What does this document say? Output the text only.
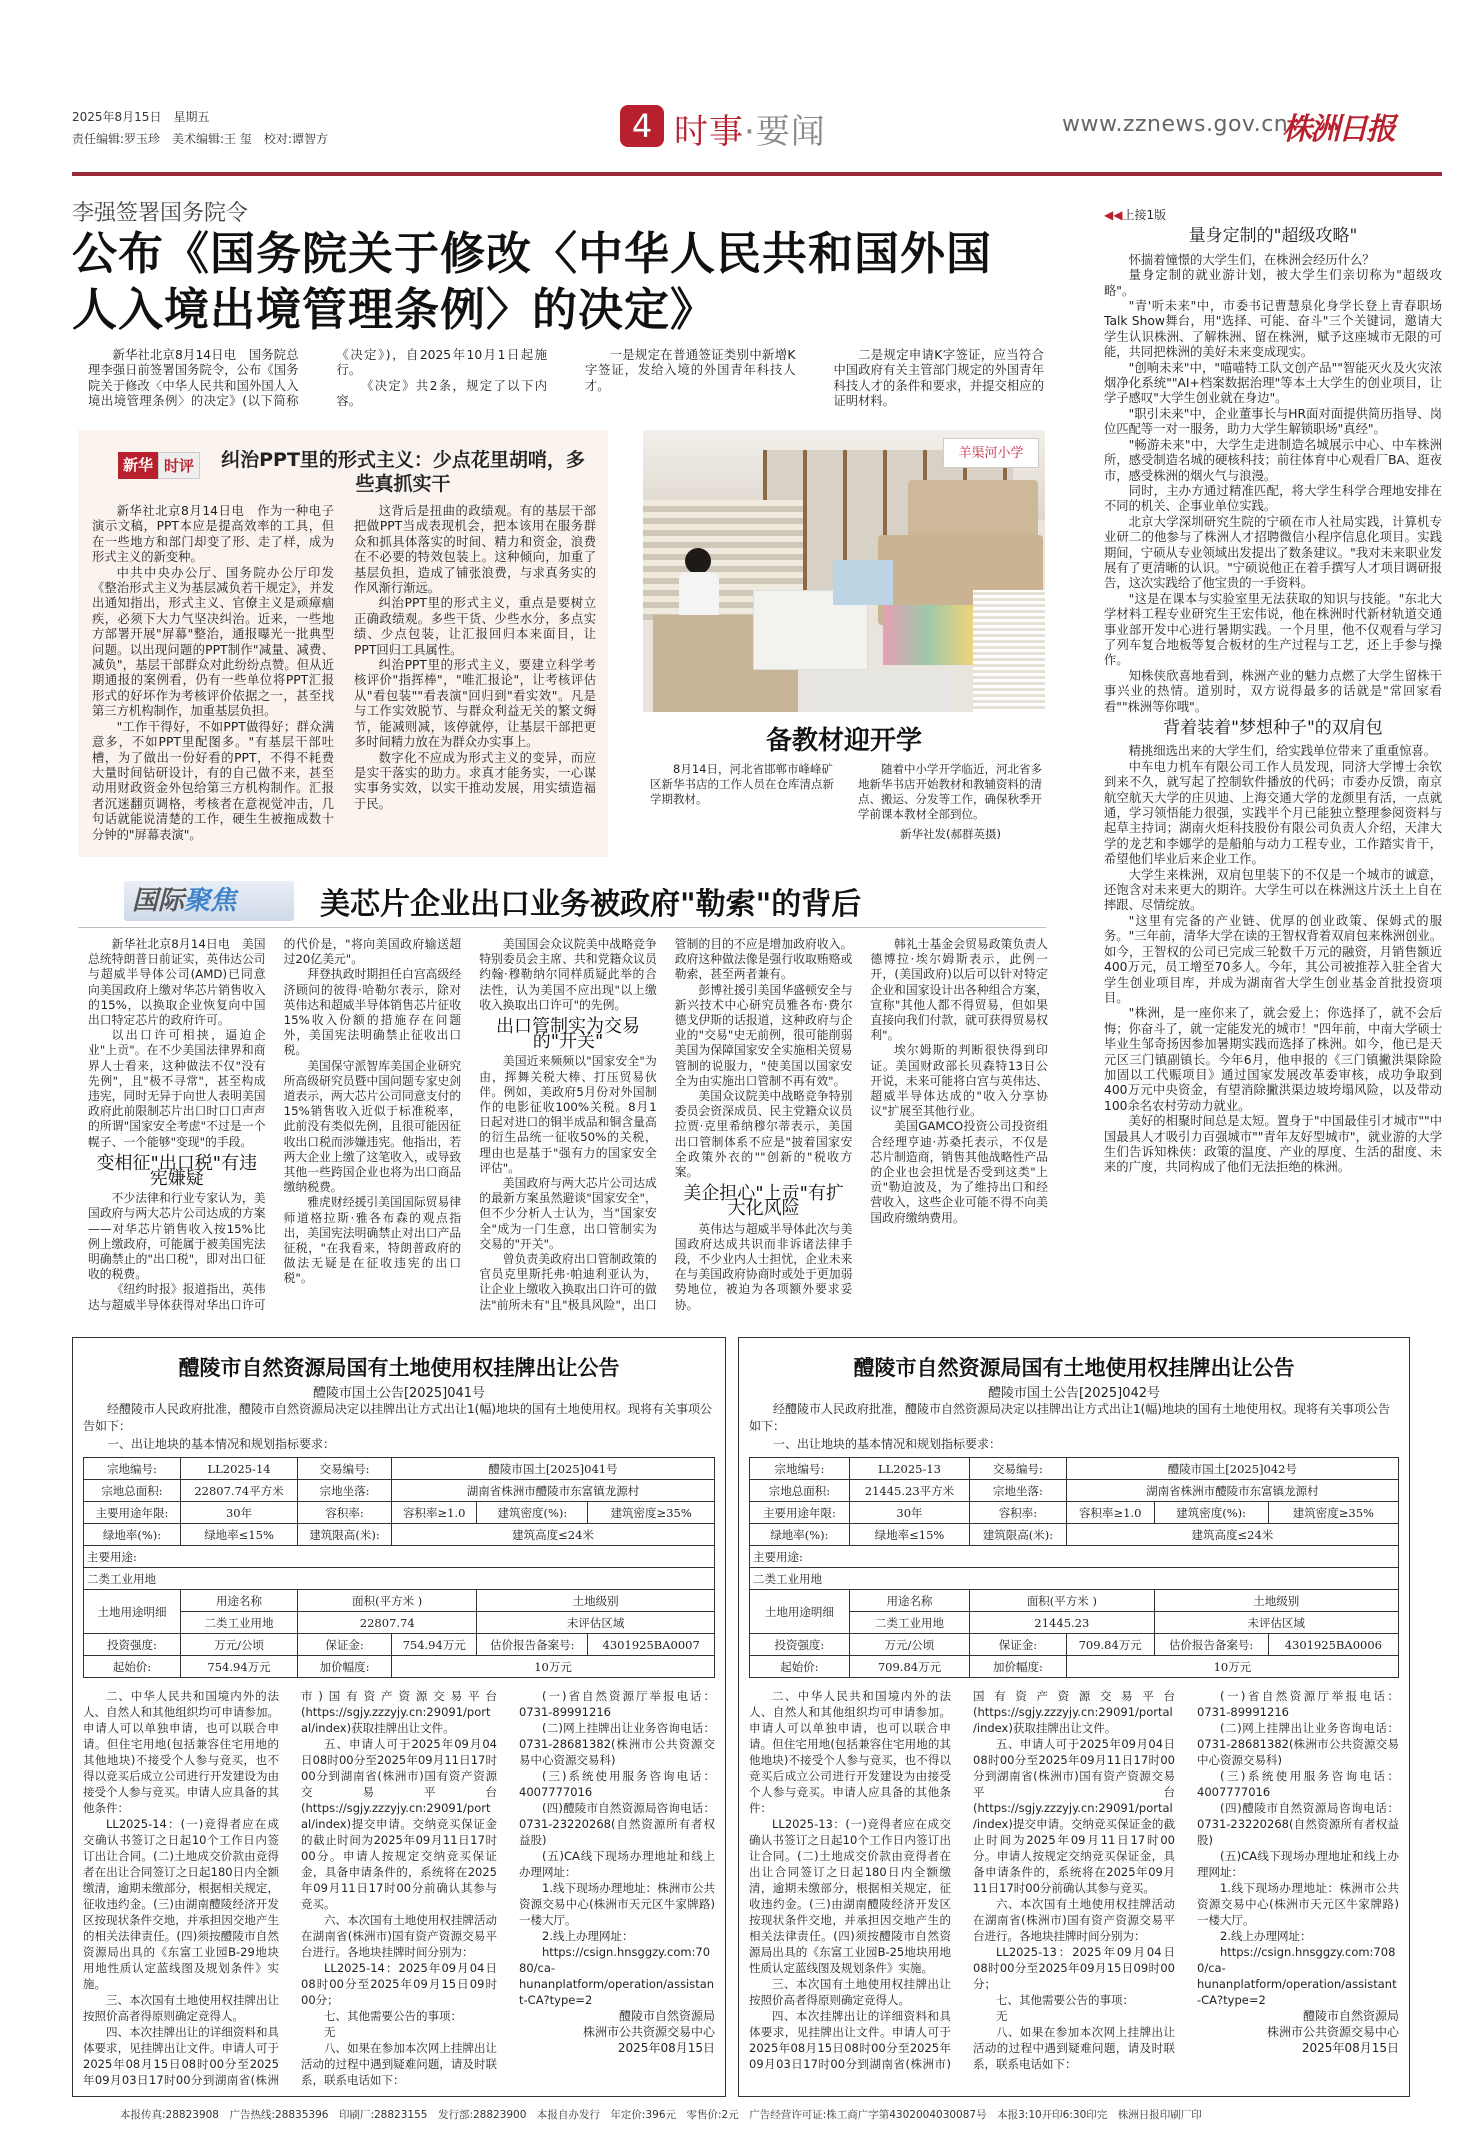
2025年8月15日　星期五
责任编辑:罗玉珍　美术编辑:王 玺　校对:谭智方	4 时事·要闻	www.zznews.gov.cn
株洲日报
李强签署国务院令
公布《国务院关于修改〈中华人民共和国外国人入境出境管理条例〉的决定》

新华社北京8月14日电　国务院总理李强日前签署国务院令，公布《国务院关于修改〈中华人民共和国外国人入境出境管理条例〉的决定》(以下简称《决定》)，自2025年10月1日起施行。

《决定》共2条，规定了以下内容。

一是规定在普通签证类别中新增K字签证，发给入境的外国青年科技人才。

二是规定申请K字签证，应当符合中国政府有关主管部门规定的外国青年科技人才的条件和要求，并提交相应的证明材料。

新华 时评	纠治PPT里的形式主义：少点花里胡哨，多些真抓实干

新华社北京8月14日电　作为一种电子演示文稿，PPT本应是提高效率的工具，但在一些地方和部门却变了形、走了样，成为形式主义的新变种。

中共中央办公厅、国务院办公厅印发《整治形式主义为基层减负若干规定》，并发出通知指出，形式主义、官僚主义是顽瘴痼疾，必须下大力气坚决纠治。近来，一些地方部署开展"屏幕"整治，通报曝光一批典型问题。以出现问题的PPT制作"减量、减费、减负"，基层干部群众对此纷纷点赞。但从近期通报的案例看，仍有一些单位将PPT汇报形式的好坏作为考核评价依据之一，甚至找第三方机构制作，加重基层负担。

"工作干得好，不如PPT做得好；群众满意多，不如PPT里配图多。"有基层干部吐槽，为了做出一份好看的PPT，不得不耗费大量时间钻研设计，有的自己做不来，甚至动用财政资金外包给第三方机构制作。汇报者沉迷翻页调格，考核者在意视觉冲击，几句话就能说清楚的工作，硬生生被拖成数十分钟的"屏幕表演"。

这背后是扭曲的政绩观。有的基层干部把做PPT当成表现机会，把本该用在服务群众和抓具体落实的时间、精力和资金，浪费在不必要的特效包装上。这种倾向，加重了基层负担，造成了铺张浪费，与求真务实的作风渐行渐远。

纠治PPT里的形式主义，重点是要树立正确政绩观。多些干货、少些水分，多点实绩、少点包装，让汇报回归本来面目，让PPT回归工具属性。

纠治PPT里的形式主义，要建立科学考核评价"指挥棒"，"唯汇报论"，让考核评估从"看包装""看表演"回归到"看实效"。凡是与工作实效脱节、与群众利益无关的繁文缛节，能减则减，该停就停，让基层干部把更多时间精力放在为群众办实事上。

数字化不应成为形式主义的变异，而应是实干落实的助力。求真才能务实，一心谋实事务实效，以实干推动发展，用实绩造福于民。

羊渠河小学
备教材迎开学

8月14日，河北省邯郸市峰峰矿区新华书店的工作人员在仓库清点新学期教材。

随着中小学开学临近，河北省多地新华书店开始教材和教辅资料的清点、搬运、分发等工作，确保秋季开学前课本教材全部到位。

新华社发(郝群英摄)
◀◀上接1版
量身定制的"超级攻略"

怀揣着憧憬的大学生们，在株洲会经历什么？

量身定制的就业游计划，被大学生们亲切称为"超级攻略"。

"青'听未来"中，市委书记曹慧泉化身学长登上青春职场Talk Show舞台，用"选择、可能、奋斗"三个关键词，邀请大学生认识株洲、了解株洲、留在株洲，赋予这座城市无限的可能，共同把株洲的美好未来变成现实。

"创响未来"中，"喵喵特工队文创产品""智能灭火及火灾浓烟净化系统""AI+档案数据治理"等本土大学生的创业项目，让学子感叹"大学生创业就在身边"。

"职引未来"中，企业董事长与HR面对面提供简历指导、岗位匹配等一对一服务，助力大学生解锁职场"真经"。

"畅游未来"中，大学生走进制造名城展示中心、中车株洲所，感受制造名城的硬核科技；前往体育中心观看厂BA、逛夜市，感受株洲的烟火气与浪漫。

同时，主办方通过精准匹配，将大学生科学合理地安排在不同的机关、企事业单位实践。

北京大学深圳研究生院的宁硕在市人社局实践，计算机专业研二的他参与了株洲人才招聘微信小程序信息化项目。实践期间，宁硕从专业领域出发提出了数条建议。"我对未来职业发展有了更清晰的认识。"宁硕说他正在着手撰写人才项目调研报告，这次实践给了他宝贵的一手资料。

"这是在课本与实验室里无法获取的知识与技能。"东北大学材料工程专业研究生王宏伟说，他在株洲时代新材轨道交通事业部开发中心进行暑期实践。一个月里，他不仅观看与学习了列车复合地板等复合板材的生产过程与工艺，还上手参与操作。

知株侠欣喜地看到，株洲产业的魅力点燃了大学生留株干事兴业的热情。道别时，双方说得最多的话就是"常回家看看""株洲等你哦"。

背着装着"梦想种子"的双肩包

精挑细选出来的大学生们，给实践单位带来了重重惊喜。

中车电力机车有限公司工作人员发现，同济大学博士余钦到来不久，就写起了控制软件播放的代码；市委办反馈，南京航空航天大学的庄贝迪、上海交通大学的龙颜里有活，一点就通，学习领悟能力很强，实践半个月已能独立整理参阅资料与起草主持词；湖南火炬科技股份有限公司负责人介绍，天津大学的龙艺和李娜学的是船舶与动力工程专业，工作踏实肯干，希望他们毕业后来企业工作。

大学生来株洲，双肩包里装下的不仅是一个城市的诚意，还饱含对未来更大的期许。大学生可以在株洲这片沃土上自在摔跟、尽情绽放。

"这里有完备的产业链、优厚的创业政策、保姆式的服务。"三年前，清华大学在读的王智权背着双肩包来株洲创业。如今，王智权的公司已完成三轮数千万元的融资，月销售额近400万元，员工增至70多人。今年，其公司被推荐入驻全省大学生创业项目库，并成为湖南省大学生创业基金首批投资项目。

"株洲，是一座你来了，就会爱上；你选择了，就不会后悔；你奋斗了，就一定能发光的城市！"四年前，中南大学硕士毕业生邹奇扬因参加暑期实践而选择了株洲。如今，他已是天元区三门镇副镇长。今年6月，他申报的《三门镇撇洪渠除险加固以工代赈项目》通过国家发展改革委审核，成功争取到400万元中央资金，有望消除撇洪渠边坡垮塌风险，以及带动100余名农村劳动力就业。

美好的相聚时间总是太短。置身于"中国最佳引才城市""中国最具人才吸引力百强城市""青年友好型城市"，就业游的大学生们告诉知株侠：政策的温度、产业的厚度、生活的甜度、未来的广度，共同构成了他们无法拒绝的株洲。

国际聚焦	美芯片企业出口业务被政府"勒索"的背后

新华社北京8月14日电　美国总统特朗普日前证实，英伟达公司与超威半导体公司(AMD)已同意向美国政府上缴对华芯片销售收入的15%，以换取企业恢复向中国出口特定芯片的政府许可。

以出口许可相挟，逼迫企业"上贡"。在不少美国法律界和商界人士看来，这种做法不仅"没有先例"，且"极不寻常"，甚至构成违宪，同时无异于向世人表明美国政府此前限制芯片出口时口口声声的所谓"国家安全考虑"不过是一个幌子、一个能够"变现"的手段。

变相征"出口税"有违宪嫌疑

不少法律和行业专家认为，美国政府与两大芯片公司达成的方案——对华芯片销售收入按15%比例上缴政府，可能属于被美国宪法明确禁止的"出口税"，即对出口征收的税费。

《纽约时报》报道指出，英伟达与超威半导体获得对华出口许可的代价是，"将向美国政府输送超过20亿美元"。

拜登执政时期担任白宫高级经济顾问的彼得·哈勒尔表示，除对英伟达和超威半导体销售芯片征收15%收入份额的措施存在问题外，美国宪法明确禁止征收出口税。

美国保守派智库美国企业研究所高级研究员暨中国问题专家史剑道表示，两大芯片公司同意支付的15%销售收入近似于标准税率，此前没有类似先例，且很可能因征收出口税而涉嫌违宪。他指出，若两大企业上缴了这笔收入，或导致其他一些跨国企业也将为出口商品缴纳税费。

雅虎财经援引美国国际贸易律师道格拉斯·雅各布森的观点指出，美国宪法明确禁止对出口产品征税，"在我看来，特朗普政府的做法无疑是在征收违宪的出口税"。

美国国会众议院美中战略竞争特别委员会主席、共和党籍众议员约翰·穆勒纳尔同样质疑此举的合法性，认为美国不应出现"以上缴收入换取出口许可"的先例。

出口管制实为交易的"开关"

美国近来频频以"国家安全"为由，挥舞关税大棒、打压贸易伙伴。例如，美政府5月份对外国制作的电影征收100%关税。8月1日起对进口的铜半成品和铜含量高的衍生品统一征收50%的关税，理由也是基于"强有力的国家安全评估"。

美国政府与两大芯片公司达成的最新方案虽然避谈"国家安全"，但不少分析人士认为，当"国家安全"成为一门生意，出口管制实为交易的"开关"。

曾负责美政府出口管制政策的官员克里斯托弗·帕迪利亚认为，让企业上缴收入换取出口许可的做法"前所未有"且"极具风险"，出口管制的目的不应是增加政府收入。政府这种做法像是强行收取贿赂或勒索，甚至两者兼有。

彭博社援引美国华盛顿安全与新兴技术中心研究员雅各布·费尔德戈伊斯的话报道，这种政府与企业的"交易"史无前例，很可能削弱美国为保障国家安全实施相关贸易管制的说服力，"使美国以国家安全为由实施出口管制不再有效"。

美国众议院美中战略竞争特别委员会资深成员、民主党籍众议员拉贾·克里希纳穆尔蒂表示，美国出口管制体系不应是"披着国家安全政策外衣的""创新的"税收方案。

美企担心"上贡"有扩大化风险

英伟达与超威半导体此次与美国政府达成共识而非诉诸法律手段，不少业内人士担忧，企业未来在与美国政府协商时或处于更加弱势地位，被迫为各项额外要求妥协。

韩礼士基金会贸易政策负责人德博拉·埃尔姆斯表示，此例一开，(美国政府)以后可以针对特定企业和国家设计出各种组合方案，宣称"其他人都不得贸易，但如果直接向我们付款，就可获得贸易权利"。

埃尔姆斯的判断很快得到印证。美国财政部长贝森特13日公开说，未来可能将白宫与英伟达、超威半导体达成的"收入分享协议"扩展至其他行业。

美国GAMCO投资公司投资组合经理亨迪·苏桑托表示，不仅是芯片制造商，销售其他战略性产品的企业也会担忧是否受到这类"上贡"勒迫波及，为了维持出口和经营收入，这些企业可能不得不向美国政府缴纳费用。

醴陵市自然资源局国有土地使用权挂牌出让公告
醴陵市国土公告[2025]041号
经醴陵市人民政府批准，醴陵市自然资源局决定以挂牌出让方式出让1(幅)地块的国有土地使用权。现将有关事项公告如下：
一、出让地块的基本情况和规划指标要求：
宗地编号:	LL2025-14	交易编号:	醴陵市国土[2025]041号		
宗地总面积:	22807.74平方米	宗地坐落:	湖南省株洲市醴陵市东富镇龙源村		
主要用途年限:	30年	容积率:	容积率≥1.0	建筑密度(%):	建筑密度≥35%
绿地率(%):	绿地率≤15%	建筑限高(米):	建筑高度≤24米		
主要用途:					
二类工业用地					
土地用途明细	用途名称	面积(平方米 )		土地级别	
	二类工业用地	22807.74		未评估区域	
投资强度:	万元/公顷	保证金:	754.94万元	估价报告备案号:	4301925BA0007
起始价:	754.94万元	加价幅度:	10万元		

二、中华人民共和国境内外的法人、自然人和其他组织均可申请参加。申请人可以单独申请，也可以联合申请。但住宅用地(包括兼容住宅用地的其他地块)不接受个人参与竞买，也不得以竞买后成立公司进行开发建设为由接受个人参与竞买。申请人应具备的其他条件：

LL2025-14：(一)竞得者应在成交确认书签订之日起10个工作日内签订出让合同。(二)土地成交价款由竞得者在出让合同签订之日起180日内全额缴清，逾期未缴部分，根据相关规定，征收违约金。(三)由湖南醴陵经济开发区按现状条件交地，并承担因交地产生的相关法律责任。(四)须按醴陵市自然资源局出具的《东富工业园B-29地块用地性质认定蓝线图及规划条件》实施。

三、本次国有土地使用权挂牌出让按照价高者得原则确定竞得人。

四、本次挂牌出让的详细资料和具体要求，见挂牌出让文件。申请人可于2025年08月15日08时00分至2025年09月03日17时00分到湖南省(株洲市)国有资产资源交易平台(https://sgjy.zzzyjy.cn:29091/portal/index)获取挂牌出让文件。

五、申请人可于2025年09月04日08时00分至2025年09月11日17时00分到湖南省(株洲市)国有资产资源交易平台(https://sgjy.zzzyjy.cn:29091/portal/index)提交申请。交纳竞买保证金的截止时间为2025年09月11日17时00分。申请人按规定交纳竞买保证金，具备申请条件的，系统将在2025年09月11日17时00分前确认其参与竞买。

六、本次国有土地使用权挂牌活动在湖南省(株洲市)国有资产资源交易平台进行。各地块挂牌时间分别为：

LL2025-14：2025年09月04日08时00分至2025年09月15日09时00分；

七、其他需要公告的事项：

无

八、如果在参加本次网上挂牌出让活动的过程中遇到疑难问题，请及时联系，联系电话如下：

(一)省自然资源厅举报电话：0731-89991216

(二)网上挂牌出让业务咨询电话：0731-28681382(株洲市公共资源交易中心资源交易科)

(三)系统使用服务咨询电话：4007777016

(四)醴陵市自然资源局咨询电话：0731-23220268(自然资源所有者权益股)

(五)CA线下现场办理地址和线上办理网址：

1.线下现场办理地址：株洲市公共资源交易中心(株洲市天元区牛家牌路)一楼大厅。

2.线上办理网址：

https://csign.hnsggzy.com:7080/ca-hunanplatform/operation/assistant-CA?type=2

醴陵市自然资源局

株洲市公共资源交易中心

2025年08月15日

醴陵市自然资源局国有土地使用权挂牌出让公告
醴陵市国土公告[2025]042号
经醴陵市人民政府批准，醴陵市自然资源局决定以挂牌出让方式出让1(幅)地块的国有土地使用权。现将有关事项公告如下：
一、出让地块的基本情况和规划指标要求：
宗地编号:	LL2025-13	交易编号:	醴陵市国土[2025]042号		
宗地总面积:	21445.23平方米	宗地坐落:	湖南省株洲市醴陵市东富镇龙源村		
主要用途年限:	30年	容积率:	容积率≥1.0	建筑密度(%):	建筑密度≥35%
绿地率(%):	绿地率≤15%	建筑限高(米):	建筑高度≤24米		
主要用途:					
二类工业用地					
土地用途明细	用途名称	面积(平方米 )		土地级别	
	二类工业用地	21445.23		未评估区域	
投资强度:	万元/公顷	保证金:	709.84万元	估价报告备案号:	4301925BA0006
起始价:	709.84万元	加价幅度:	10万元		

二、中华人民共和国境内外的法人、自然人和其他组织均可申请参加。申请人可以单独申请，也可以联合申请。但住宅用地(包括兼容住宅用地的其他地块)不接受个人参与竞买，也不得以竞买后成立公司进行开发建设为由接受个人参与竞买。申请人应具备的其他条件：

LL2025-13：(一)竞得者应在成交确认书签订之日起10个工作日内签订出让合同。(二)土地成交价款由竞得者在出让合同签订之日起180日内全额缴清，逾期未缴部分，根据相关规定，征收违约金。(三)由湖南醴陵经济开发区按现状条件交地，并承担因交地产生的相关法律责任。(四)须按醴陵市自然资源局出具的《东富工业园B-25地块用地性质认定蓝线图及规划条件》实施。

三、本次国有土地使用权挂牌出让按照价高者得原则确定竞得人。

四、本次挂牌出让的详细资料和具体要求，见挂牌出让文件。申请人可于2025年08月15日08时00分至2025年09月03日17时00分到湖南省(株洲市)国有资产资源交易平台(https://sgjy.zzzyjy.cn:29091/portal/index)获取挂牌出让文件。

五、申请人可于2025年09月04日08时00分至2025年09月11日17时00分到湖南省(株洲市)国有资产资源交易平台(https://sgjy.zzzyjy.cn:29091/portal/index)提交申请。交纳竞买保证金的截止时间为2025年09月11日17时00分。申请人按规定交纳竞买保证金，具备申请条件的，系统将在2025年09月11日17时00分前确认其参与竞买。

六、本次国有土地使用权挂牌活动在湖南省(株洲市)国有资产资源交易平台进行。各地块挂牌时间分别为：

LL2025-13：2025年09月04日08时00分至2025年09月15日09时00分；

七、其他需要公告的事项：

无

八、如果在参加本次网上挂牌出让活动的过程中遇到疑难问题，请及时联系，联系电话如下：

(一)省自然资源厅举报电话：0731-89991216

(二)网上挂牌出让业务咨询电话：0731-28681382(株洲市公共资源交易中心资源交易科)

(三)系统使用服务咨询电话：4007777016

(四)醴陵市自然资源局咨询电话：0731-23220268(自然资源所有者权益股)

(五)CA线下现场办理地址和线上办理网址：

1.线下现场办理地址：株洲市公共资源交易中心(株洲市天元区牛家牌路)一楼大厅。

2.线上办理网址：

https://csign.hnsggzy.com:7080/ca-hunanplatform/operation/assistant-CA?type=2

醴陵市自然资源局

株洲市公共资源交易中心

2025年08月15日

本报传真:28823908　广告热线:28835396　印刷厂:28823155　发行部:28823900　本报自办发行　年定价:396元　零售价:2元　广告经营许可证:株工商广字第4302004030087号　本报3:10开印6:30印完　株洲日报印刷厂印
